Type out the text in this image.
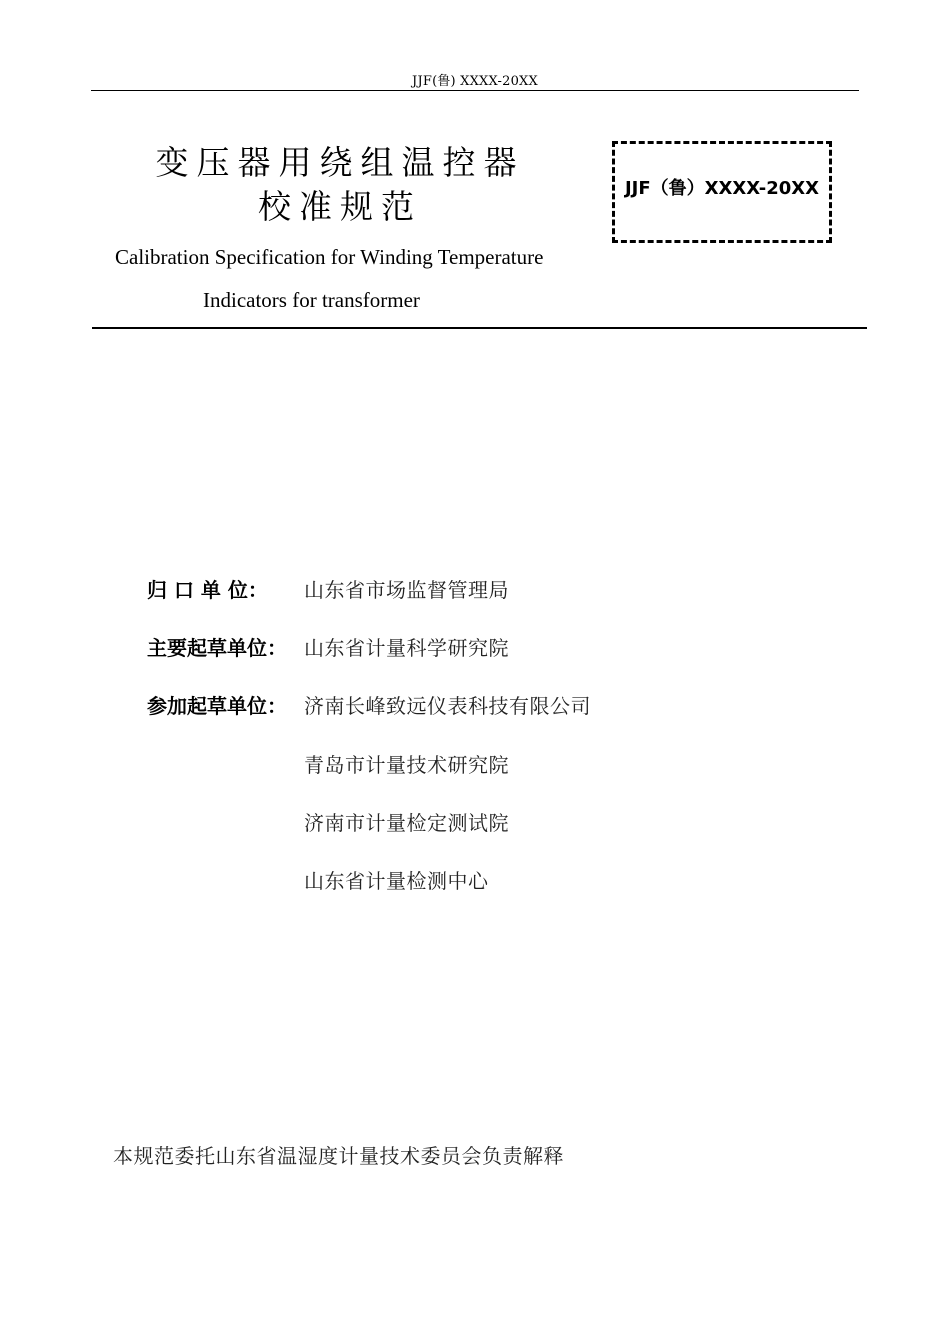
JJF(鲁) XXXX-20XX
变压器用绕组温控器
校准规范	JJF（鲁）XXXX-20XX
Calibration Specification for Winding Temperature
Indicators for transformer
归 口 单 位：	山东省市场监督管理局
主要起草单位： 山东省计量科学研究院
参加起草单位： 济南长峰致远仪表科技有限公司
青岛市计量技术研究院
济南市计量检定测试院
山东省计量检测中心
本规范委托山东省温湿度计量技术委员会负责解释
